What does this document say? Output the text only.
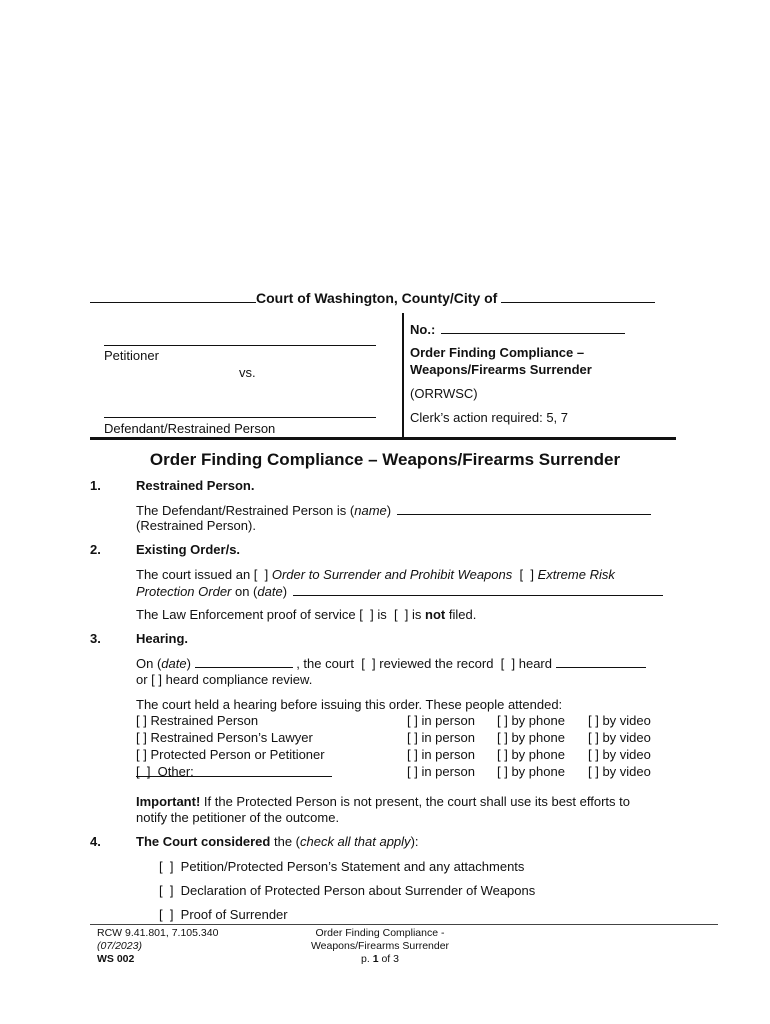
Court of Washington, County/City of
Petitioner
vs.
Defendant/Restrained Person
No.:
Order Finding Compliance –
Weapons/Firearms Surrender
(ORRWSC)
Clerk’s action required: 5, 7
Order Finding Compliance – Weapons/Firearms Surrender
1.	Restrained Person.
The Defendant/Restrained Person is (name)
(Restrained Person).
2.	Existing Order/s.
The court issued an [  ] Order to Surrender and Prohibit Weapons  [  ] Extreme Risk
Protection Order on (date)
The Law Enforcement proof of service [  ] is  [  ] is not filed.
3.	Hearing.
On (date)	, the court  [  ] reviewed the record  [  ] heard
or [ ] heard compliance review.
The court held a hearing before issuing this order. These people attended:
[ ] Restrained Person	[ ] in person [ ] by phone [ ] by video
[ ] Restrained Person’s Lawyer	[ ] in person [ ] by phone [ ] by video
[ ] Protected Person or Petitioner	[ ] in person [ ] by phone [ ] by video
[  ]  Other:	[ ] in person [ ] by phone [ ] by video
Important! If the Protected Person is not present, the court shall use its best efforts to
notify the petitioner of the outcome.
4.	The Court considered the (check all that apply):
[  ]  Petition/Protected Person’s Statement and any attachments
[  ]  Declaration of Protected Person about Surrender of Weapons
[  ]  Proof of Surrender
RCW 9.41.801, 7.105.340
(07/2023)
WS 002
Order Finding Compliance -
Weapons/Firearms Surrender
p. 1 of 3
